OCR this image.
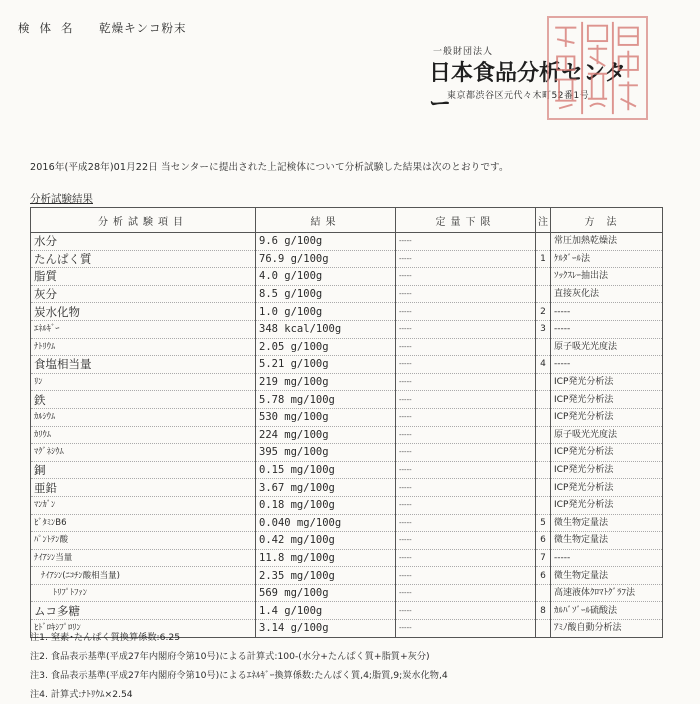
検体名 乾燥キンコ粉末
一般財団法人
日本食品分析センター
東京都渋谷区元代々木町52番1号
2016年(平成28年)01月22日 当センターに提出された上記検体について分析試験した結果は次のとおりです。
分析試験結果
分析試験項目	結果	定量下限	注	方法
水分	9.6 g/100g	-----		常圧加熱乾燥法
たんぱく質	76.9 g/100g	-----	1	ｹﾙﾀﾞｰﾙ法
脂質	4.0 g/100g	-----		ｿｯｸｽﾚｰ抽出法
灰分	8.5 g/100g	-----		直接灰化法
炭水化物	1.0 g/100g	-----	2	-----
ｴﾈﾙｷﾞｰ	348 kcal/100g	-----	3	-----
ﾅﾄﾘｳﾑ	2.05 g/100g	-----		原子吸光光度法
食塩相当量	5.21 g/100g	-----	4	-----
ﾘﾝ	219 mg/100g	-----		ICP発光分析法
鉄	5.78 mg/100g	-----		ICP発光分析法
ｶﾙｼｳﾑ	530 mg/100g	-----		ICP発光分析法
ｶﾘｳﾑ	224 mg/100g	-----		原子吸光光度法
ﾏｸﾞﾈｼｳﾑ	395 mg/100g	-----		ICP発光分析法
銅	0.15 mg/100g	-----		ICP発光分析法
亜鉛	3.67 mg/100g	-----		ICP発光分析法
ﾏﾝｶﾞﾝ	0.18 mg/100g	-----		ICP発光分析法
ﾋﾞﾀﾐﾝB6	0.040 mg/100g	-----	5	微生物定量法
ﾊﾟﾝﾄﾃﾝ酸	0.42 mg/100g	-----	6	微生物定量法
ﾅｲｱｼﾝ当量	11.8 mg/100g	-----	7	-----
ﾅｲｱｼﾝ(ﾆｺﾁﾝ酸相当量)	2.35 mg/100g	-----	6	微生物定量法
ﾄﾘﾌﾟﾄﾌｧﾝ	569 mg/100g	-----		高速液体ｸﾛﾏﾄｸﾞﾗﾌ法
ムコ多糖	1.4 g/100g	-----	8	ｶﾙﾊﾞｿﾞｰﾙ硫酸法
ﾋﾄﾞﾛｷｼﾌﾟﾛﾘﾝ	3.14 g/100g	-----		ｱﾐﾉ酸自動分析法
注1. 窒素･たんぱく質換算係数:6.25
注2. 食品表示基準(平成27年内閣府令第10号)による計算式:100-(水分+たんぱく質+脂質+灰分)
注3. 食品表示基準(平成27年内閣府令第10号)によるｴﾈﾙｷﾞｰ換算係数:たんぱく質,4;脂質,9;炭水化物,4
注4. 計算式:ﾅﾄﾘｳﾑ×2.54
